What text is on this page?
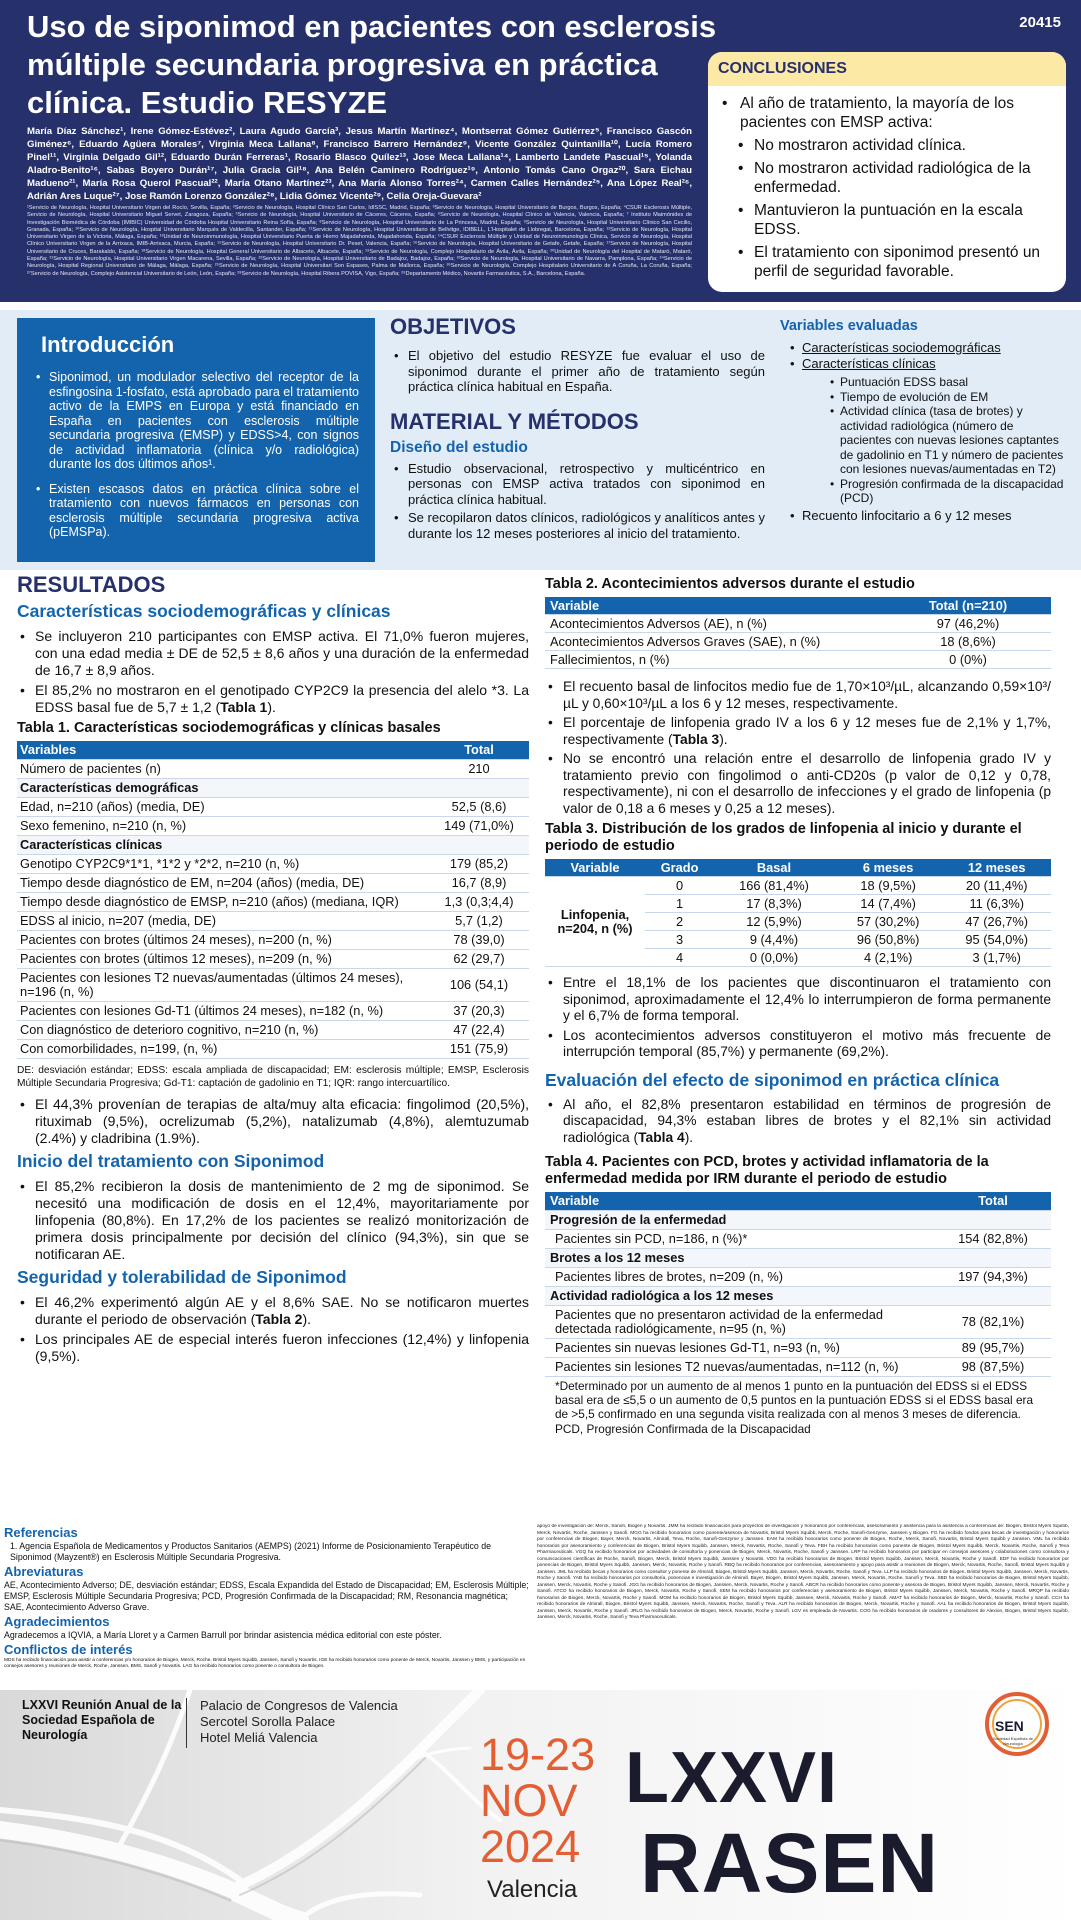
20415
Uso de siponimod en pacientes con esclerosis múltiple secundaria progresiva en práctica clínica. Estudio RESYZE
María Díaz Sánchez¹, Irene Gómez-Estévez², Laura Agudo García³, Jesus Martín Martínez⁴, Montserrat Gómez Gutiérrez⁵, Francisco Gascón Giménez⁶, Eduardo Agüera Morales⁷, Virginia Meca Lallana⁸, Francisco Barrero Hernández⁹, Vicente González Quintanilla¹⁰, Lucía Romero Pinel¹¹, Virginia Delgado Gil¹², Eduardo Durán Ferreras¹, Rosario Blasco Quílez¹³, Jose Meca Lallana¹⁴, Lamberto Landete Pascual¹⁵, Yolanda Aladro-Benito¹⁶, Sabas Boyero Durán¹⁷, Julia Gracia Gil¹⁸, Ana Belén Caminero Rodríguez¹⁹, Antonio Tomás Cano Orgaz²⁰, Sara Eichau Madueno²¹, María Rosa Querol Pascual²², María Otano Martínez²³, Ana María Alonso Torres²⁴, Carmen Calles Hernández²⁵, Ana López Real²⁶, Adrián Ares Luque²⁷, Jose Ramón Lorenzo González²⁸, Lidia Gómez Vicente²⁹, Celia Oreja-Guevara²
¹Servicio de Neurología, Hospital Universitario Virgen del Rocío, Sevilla, España; ²Servicio de Neurología, Hospital Clínico San Carlos, IdISSC, Madrid, España; ³Servicio de Neurología, Hospital Universitario de Burgos, Burgos, España; ⁴CSUR Esclerosis Múltiple, Servicio de Neurología, Hospital Universitario Miguel Servet, Zaragoza, España; ⁵Servicio de Neurología, Hospital Universitario de Cáceres, Cáceres, España; ⁶Servicio de Neurología, Hospital Clínico de Valencia, Valencia, España; ⁷ Instituto Maimónides de Investigación Biomédica de Córdoba (IMIBIC) Universidad de Córdoba Hospital Universitario Reina Sofía, España; ⁸Servicio de Neurología, Hospital Universitario de La Princesa, Madrid, España; ⁹Servicio de Neurología, Hospital Universitario Clínico San Cecilio, Granada, España; ¹⁰Servicio de Neurología, Hospital Universitario Marqués de Valdecilla, Santander, España; ¹¹Servicio de Neurología, Hospital Universitario de Bellvitge, IDIBELL, L'Hospitalet de Llobregat, Barcelona, España; ¹²Servicio de Neurología, Hospital Universitario Virgen de la Victoria, Málaga, España; ¹³Unidad de Neuroinmunología, Hospital Universitario Puerta de Hierro Majadahonda, Majadahonda, España; ¹⁴CSUR Esclerosis Múltiple y Unidad de Neuroinmunología Clínica, Servicio de Neurología, Hospital Clínico Universitario Virgen de la Arrixaca, IMIB-Arrixaca, Murcia, España; ¹⁵Servicio de Neurología, Hospital Universitario Dr. Peset, Valencia, España; ¹⁶Servicio de Neurología, Hospital Universitario de Getafe, Getafe, España; ¹⁷Servicio de Neurología, Hospital Universitario de Cruces, Barakaldo, España; ¹⁸Servicio de Neurología, Hospital General Universitario de Albacete, Albacete, España; ¹⁹Servicio de Neurología, Complejo Hospitalario de Ávila, Ávila, España; ²⁰Unidad de Neurología del Hospital de Mataró, Mataró, España; ²¹Servicio de Neurología, Hospital Universitario Virgen Macarena, Sevilla, España; ²²Servicio de Neurología, Hospital Universitario de Badajoz, Badajoz, España; ²³Servicio de Neurología, Hospital Universitario de Navarra, Pamplona, España; ²⁴Servicio de Neurología, Hospital Regional Universitario de Málaga, Málaga, España; ²⁵Servicio de Neurología, Hospital Universitari Son Espases, Palma de Mallorca, España; ²⁶Servicio de Neurología, Complejo Hospitalario Universitario de A Coruña, La Coruña, España; ²⁷Servicio de Neurología, Complejo Asistencial Universitario de León, León, España; ²⁸Servicio de Neurología, Hospital Ribera POVISA, Vigo, España; ²⁹Departamento Médico, Novartis Farmacéutica, S.A., Barcelona, España.
CONCLUSIONES
• Al año de tratamiento, la mayoría de los pacientes con EMSP activa:
• No mostraron actividad clínica.
• No mostraron actividad radiológica de la enfermedad.
• Mantuvieron la puntuación en la escala EDSS.
• El tratamiento con siponimod presentó un perfil de seguridad favorable.
Introducción
• Siponimod, un modulador selectivo del receptor de la esfingosina 1-fosfato, está aprobado para el tratamiento activo de la EMPS en Europa y está financiado en España en pacientes con esclerosis múltiple secundaria progresiva (EMSP) y EDSS>4, con signos de actividad inflamatoria (clínica y/o radiológica) durante los dos últimos años¹.
• Existen escasos datos en práctica clínica sobre el tratamiento con nuevos fármacos en personas con esclerosis múltiple secundaria progresiva activa (pEMSPa).
OBJETIVOS
• El objetivo del estudio RESYZE fue evaluar el uso de siponimod durante el primer año de tratamiento según práctica clínica habitual en España.
MATERIAL Y MÉTODOS
Diseño del estudio
• Estudio observacional, retrospectivo y multicéntrico en personas con EMSP activa tratados con siponimod en práctica clínica habitual.
• Se recopilaron datos clínicos, radiológicos y analíticos antes y durante los 12 meses posteriores al inicio del tratamiento.
Variables evaluadas
• Características sociodemográficas
• Características clínicas
• Puntuación EDSS basal
• Tiempo de evolución de EM
• Actividad clínica (tasa de brotes) y actividad radiológica (número de pacientes con nuevas lesiones captantes de gadolinio en T1 y número de pacientes con lesiones nuevas/aumentadas en T2)
• Progresión confirmada de la discapacidad (PCD)
• Recuento linfocitario a 6 y 12 meses
RESULTADOS
Características sociodemográficas y clínicas
• Se incluyeron 210 participantes con EMSP activa. El 71,0% fueron mujeres, con una edad media ± DE de 52,5 ± 8,6 años y una duración de la enfermedad de 16,7 ± 8,9 años.
• El 85,2% no mostraron en el genotipado CYP2C9 la presencia del alelo *3. La EDSS basal fue de 5,7 ± 1,2 (Tabla 1).
Tabla 1. Características sociodemográficas y clínicas basales
Variables	Total
Número de pacientes (n)	210
Características demográficas	
Edad, n=210 (años) (media, DE)	52,5 (8,6)
Sexo femenino, n=210 (n, %)	149 (71,0%)
Características clínicas	
Genotipo CYP2C9*1*1, *1*2 y *2*2, n=210 (n, %)	179 (85,2)
Tiempo desde diagnóstico de EM, n=204 (años) (media, DE)	16,7 (8,9)
Tiempo desde diagnóstico de EMSP, n=210 (años) (mediana, IQR)	1,3 (0,3;4,4)
EDSS al inicio, n=207 (media, DE)	5,7 (1,2)
Pacientes con brotes (últimos 24 meses), n=200 (n, %)	78 (39,0)
Pacientes con brotes (últimos 12 meses), n=209 (n, %)	62 (29,7)
Pacientes con lesiones T2 nuevas/aumentadas (últimos 24 meses), n=196 (n, %)	106 (54,1)
Pacientes con lesiones Gd-T1 (últimos 24 meses), n=182 (n, %)	37 (20,3)
Con diagnóstico de deterioro cognitivo, n=210 (n, %)	47 (22,4)
Con comorbilidades, n=199, (n, %)	151 (75,9)
DE: desviación estándar; EDSS: escala ampliada de discapacidad; EM: esclerosis múltiple; EMSP, Esclerosis Múltiple Secundaria Progresiva; Gd-T1: captación de gadolinio en T1; IQR: rango intercuartílico.
• El 44,3% provenían de terapias de alta/muy alta eficacia: fingolimod (20,5%), rituximab (9,5%), ocrelizumab (5,2%), natalizumab (4,8%), alemtuzumab (2.4%) y cladribina (1.9%).
Inicio del tratamiento con Siponimod
• El 85,2% recibieron la dosis de mantenimiento de 2 mg de siponimod. Se necesitó una modificación de dosis en el 12,4%, mayoritariamente por linfopenia (80,8%). En 17,2% de los pacientes se realizó monitorización de primera dosis principalmente por decisión del clínico (94,3%), sin que se notificaran AE.
Seguridad y tolerabilidad de Siponimod
• El 46,2% experimentó algún AE y el 8,6% SAE. No se notificaron muertes durante el periodo de observación (Tabla 2).
• Los principales AE de especial interés fueron infecciones (12,4%) y linfopenia (9,5%).
Tabla 2. Acontecimientos adversos durante el estudio
Variable	Total (n=210)
Acontecimientos Adversos (AE), n (%)	97 (46,2%)
Acontecimientos Adversos Graves (SAE), n (%)	18 (8,6%)
Fallecimientos, n (%)	0 (0%)
• El recuento basal de linfocitos medio fue de 1,70×10³/µL, alcanzando 0,59×10³/µL y 0,60×10³/µL a los 6 y 12 meses, respectivamente.
• El porcentaje de linfopenia grado IV a los 6 y 12 meses fue de 2,1% y 1,7%, respectivamente (Tabla 3).
• No se encontró una relación entre el desarrollo de linfopenia grado IV y tratamiento previo con fingolimod o anti-CD20s (p valor de 0,12 y 0,78, respectivamente), ni con el desarrollo de infecciones y el grado de linfopenia (p valor de 0,18 a 6 meses y 0,25 a 12 meses).
Tabla 3. Distribución de los grados de linfopenia al inicio y durante el periodo de estudio
Variable	Grado	Basal	6 meses	12 meses
Linfopenia, n=204, n (%)	0	166 (81,4%)	18 (9,5%)	20 (11,4%)
	1	17 (8,3%)	14 (7,4%)	11 (6,3%)
	2	12 (5,9%)	57 (30,2%)	47 (26,7%)
	3	9 (4,4%)	96 (50,8%)	95 (54,0%)
	4	0 (0,0%)	4 (2,1%)	3 (1,7%)
• Entre el 18,1% de los pacientes que discontinuaron el tratamiento con siponimod, aproximadamente el 12,4% lo interrumpieron de forma permanente y el 6,7% de forma temporal.
• Los acontecimientos adversos constituyeron el motivo más frecuente de interrupción temporal (85,7%) y permanente (69,2%).
Evaluación del efecto de siponimod en práctica clínica
• Al año, el 82,8% presentaron estabilidad en términos de progresión de discapacidad, 94,3% estaban libres de brotes y el 82,1% sin actividad radiológica (Tabla 4).
Tabla 4. Pacientes con PCD, brotes y actividad inflamatoria de la enfermedad medida por IRM durante el periodo de estudio
Variable	Total
Progresión de la enfermedad	
Pacientes sin PCD, n=186, n (%)*	154 (82,8%)
Brotes a los 12 meses	
Pacientes libres de brotes, n=209 (n, %)	197 (94,3%)
Actividad radiológica a los 12 meses	
Pacientes que no presentaron actividad de la enfermedad detectada radiológicamente, n=95 (n, %)	78 (82,1%)
Pacientes sin nuevas lesiones Gd-T1, n=93 (n, %)	89 (95,7%)
Pacientes sin lesiones T2 nuevas/aumentadas, n=112 (n, %)	98 (87,5%)
*Determinado por un aumento de al menos 1 punto en la puntuación del EDSS si el EDSS basal era de ≤5,5 o un aumento de 0,5 puntos en la puntuación EDSS si el EDSS basal era de >5,5 confirmado en una segunda visita realizada con al menos 3 meses de diferencia. PCD, Progresión Confirmada de la Discapacidad
Referencias
1. Agencia Española de Medicamentos y Productos Sanitarios (AEMPS) (2021) Informe de Posicionamiento Terapéutico de Siponimod (Mayzent®) en Esclerosis Múltiple Secundaria Progresiva.
Abreviaturas
AE, Acontecimiento Adverso; DE, desviación estándar; EDSS, Escala Expandida del Estado de Discapacidad; EM, Esclerosis Múltiple; EMSP, Esclerosis Múltiple Secundaria Progresiva; PCD, Progresión Confirmada de la Discapacidad; RM, Resonancia magnética; SAE, Acontecimiento Adverso Grave.
Agradecimientos
Agradecemos a IQVIA, a María Lloret y a Carmen Barrull por brindar asistencia médica editorial con este póster.
Conflictos de interés
MDS ha recibido financiación para asistir a conferencias y/o honorarios de Biogen, Merck, Roche, Bristol Myers Squibb, Janssen, Sanofi y Novartis. IGE ha recibido honorarios como ponente de Merck, Novartis, Janssen y BMS, y participación en consejos asesores y reuniones de Merck, Roche, Janssen, BMS, Sanofi y Novartis. LAG ha recibido honorarios como ponente o consultora de Biogen.
apoyo de investigación de: Merck, Sanofi, Biogen y Novartis. JMM ha recibido financiación para proyectos de investigación y honorarios por conferencias, asesoramiento y asistencia para la asistencia a conferencias de: Biogen, Bristol Myers Squibb, Merck, Novartis, Roche, Janssen y Sanofi. MGG ha recibido honorarios como ponente/asesora de Novartis, Bristol Myers Squibb, Merck, Roche, Sanofi-Genzyme, Janssen y Biogen. FG ha recibido fondos para becas de investigación y honorarios por conferencias de Biogen, Bayer, Merck, Novartis, Almirall, Teva, Roche, Sanofi-Genzyme y Janssen. EAM ha recibido honorarios como ponente de Biogen, Roche, Merck, Sanofi, Novartis, Bristol Myers Squibb y Janssen. VML ha recibido honorarios por asesoramiento y conferencias de Biogen, Bristol Myers Squibb, Janssen, Merck, Novartis, Roche, Sanofi y Teva. FBH ha recibido honorarios como ponente de Biogen, Bristol Myers Squibb, Merck, Novartis, Roche, Sanofi y Teva Pharmaceuticals. VGQ ha recibido honorarios por actividades de consultoría y ponencias de Biogen, Merck, Novartis, Roche, Sanofi y Janssen. LRP ha recibido honorarios por participar en consejos asesores y colaboraciones como consultora y comunicaciones científicas de Roche, Sanofi, Biogen, Merck, Bristol Myers Squibb, Janssen y Novartis. VDG ha recibido honorarios de Biogen, Bristol Myers Squibb, Janssen, Merck, Novartis, Roche y Sanofi. EDF ha recibido honorarios por ponencias de Biogen, Bristol Myers Squibb, Janssen, Merck, Novartis, Roche y Sanofi. RBQ ha recibido honorarios por conferencias, asesoramiento y apoyo para asistir a reuniones de Biogen, Merck, Novartis, Roche, Sanofi, Bristol Myers Squibb y Janssen. JML ha recibido becas y honorarios como consultor y ponente de Almirall, Biogen, Bristol Myers Squibb, Janssen, Merck, Novartis, Roche, Sanofi y Teva. LLP ha recibido honorarios de Biogen, Bristol Myers Squibb, Janssen, Merck, Novartis, Roche y Sanofi. YAB ha recibido honorarios por consultoría, ponencias e investigación de Almirall, Bayer, Biogen, Bristol Myers Squibb, Janssen, Merck, Novartis, Roche, Sanofi y Teva. SBD ha recibido honorarios de Biogen, Bristol Myers Squibb, Janssen, Merck, Novartis, Roche y Sanofi. JGG ha recibido honorarios de Biogen, Janssen, Merck, Novartis, Roche y Sanofi. ABCR ha recibido honorarios como ponente y asesora de Biogen, Bristol Myers Squibb, Janssen, Merck, Novartis, Roche y Sanofi. ATCO ha recibido honorarios de Biogen, Merck, Novartis, Roche y Sanofi. SEM ha recibido honorarios por conferencias y asesoramiento de Biogen, Bristol Myers Squibb, Janssen, Merck, Novartis, Roche y Sanofi. MRQP ha recibido honorarios de Biogen, Merck, Novartis, Roche y Sanofi. MOM ha recibido honorarios de Biogen, Bristol Myers Squibb, Janssen, Merck, Novartis, Roche y Sanofi. AMAT ha recibido honorarios de Biogen, Merck, Novartis, Roche y Sanofi. CCH ha recibido honorarios de Almirall, Biogen, Bristol Myers Squibb, Janssen, Merck, Novartis, Roche, Sanofi y Teva. ALR ha recibido honorarios de Biogen, Merck, Novartis, Roche y Sanofi. AAL ha recibido honorarios de Biogen, Bristol Myers Squibb, Janssen, Merck, Novartis, Roche y Sanofi. JRLG ha recibido honorarios de Biogen, Merck, Novartis, Roche y Sanofi. LGV es empleada de Novartis. COG ha recibido honorarios de oradores y consultores de Alexion, Biogen, Bristol Myers Squibb, Janssen, Merck, Novartis, Roche, Sanofi y Teva Pharmaceuticals.
LXXVI Reunión Anual de la Sociedad Española de Neurología
Palacio de Congresos de Valencia
Sercotel Sorolla Palace
Hotel Meliá Valencia	19-23
NOV
2024
Valencia
LXXVI
RASEN
SEN
Sociedad Española de Neurología
